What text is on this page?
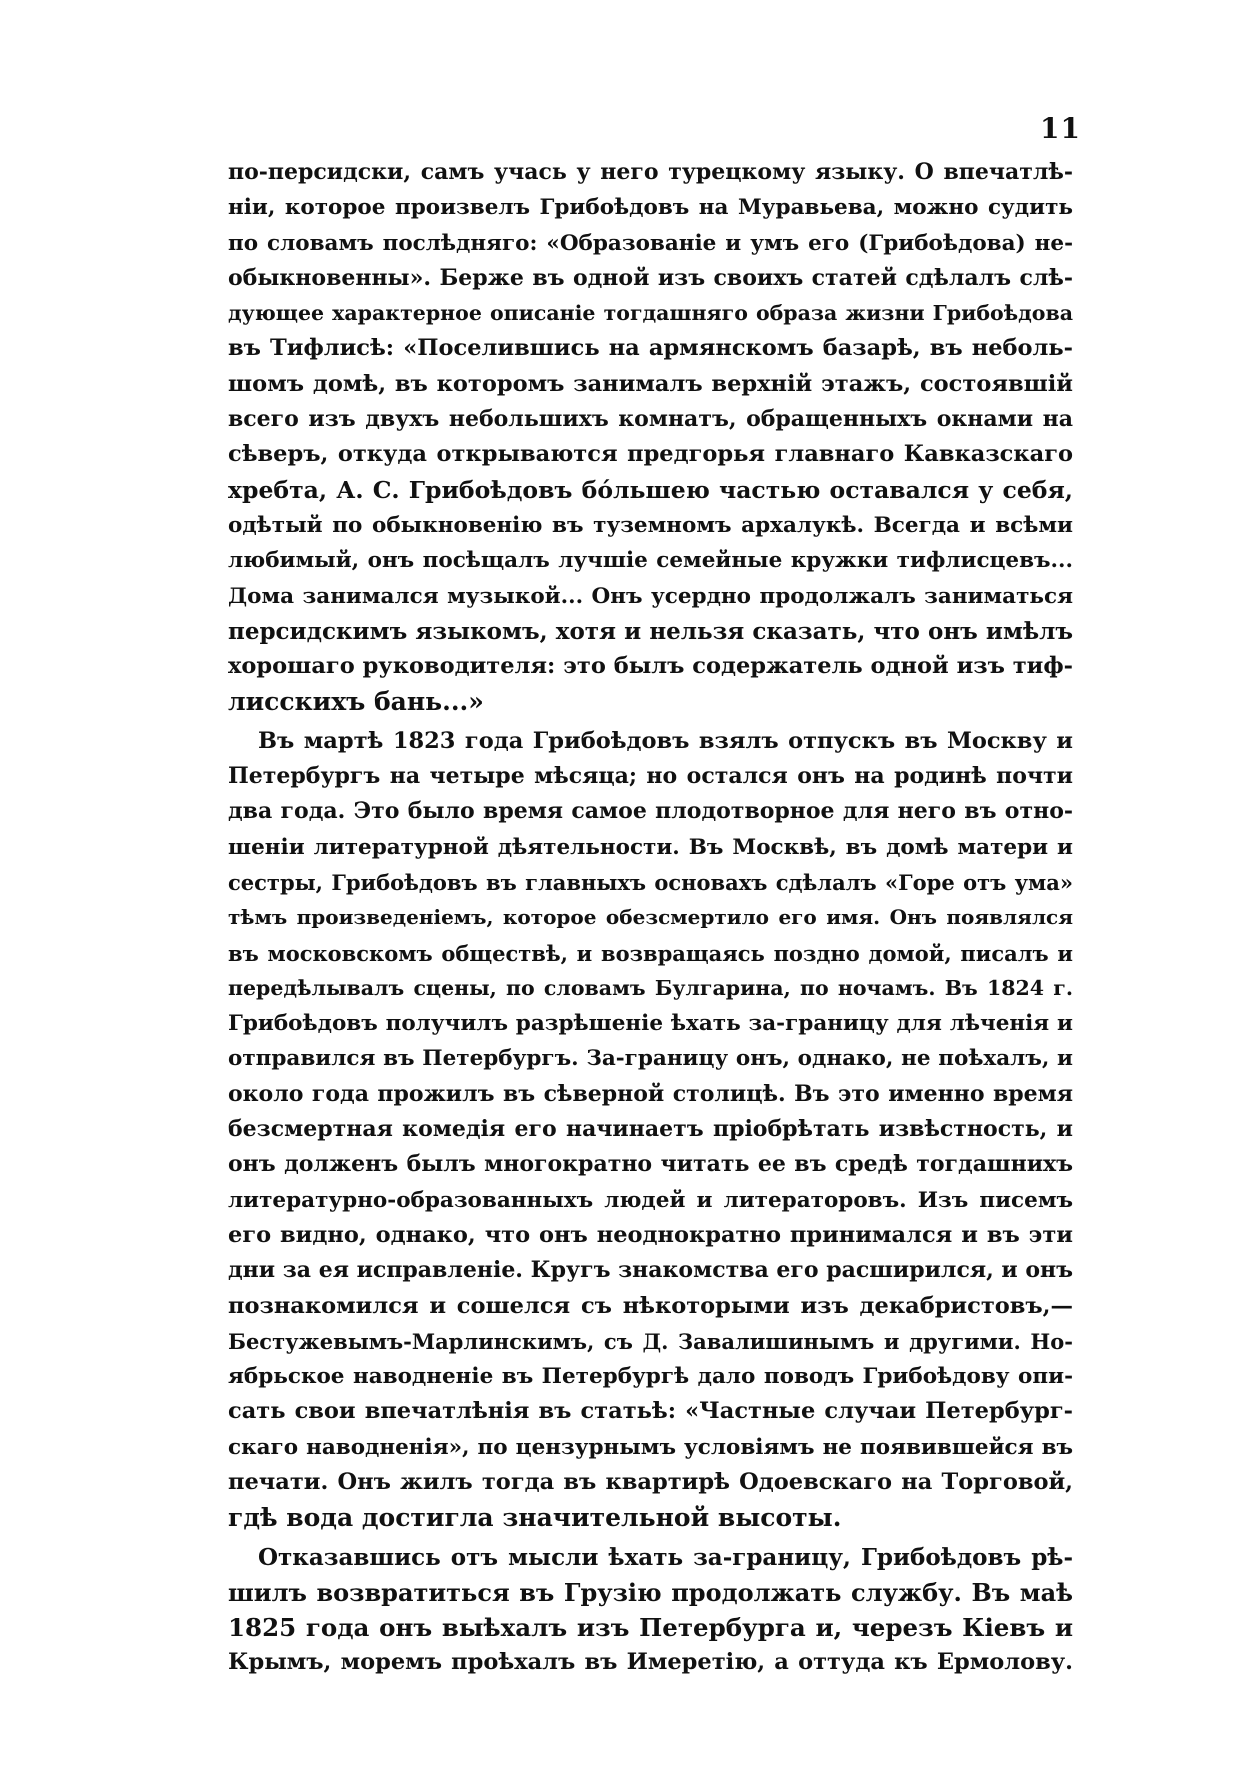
11
по-персидски, самъ учась у него турецкому языку. О впечатлѣ-
ніи, которое произвелъ Грибоѣдовъ на Муравьева, можно судить
по словамъ послѣдняго: «Образованіе и умъ его (Грибоѣдова) не-
обыкновенны». Берже въ одной изъ своихъ статей сдѣлалъ слѣ-
дующее характерное описаніе тогдашняго образа жизни Грибоѣдова
въ Тифлисѣ: «Поселившись на армянскомъ базарѣ, въ неболь-
шомъ домѣ, въ которомъ занималъ верхній этажъ, состоявшій
всего изъ двухъ небольшихъ комнатъ, обращенныхъ окнами на
сѣверъ, откуда открываются предгорья главнаго Кавказскаго
хребта, А. С. Грибоѣдовъ бóльшею частью оставался у себя,
одѣтый по обыкновенію въ туземномъ архалукѣ. Всегда и всѣми
любимый, онъ посѣщалъ лучшіе семейные кружки тифлисцевъ...
Дома занимался музыкой... Онъ усердно продолжалъ заниматься
персидскимъ языкомъ, хотя и нельзя сказать, что онъ имѣлъ
хорошаго руководителя: это былъ содержатель одной изъ тиф-
лисскихъ бань...»
Въ мартѣ 1823 года Грибоѣдовъ взялъ отпускъ въ Москву и
Петербургъ на четыре мѣсяца; но остался онъ на родинѣ почти
два года. Это было время самое плодотворное для него въ отно-
шеніи литературной дѣятельности. Въ Москвѣ, въ домѣ матери и
сестры, Грибоѣдовъ въ главныхъ основахъ сдѣлалъ «Горе отъ ума»
тѣмъ произведеніемъ, которое обезсмертило его имя. Онъ появлялся
въ московскомъ обществѣ, и возвращаясь поздно домой, писалъ и
передѣлывалъ сцены, по словамъ Булгарина, по ночамъ. Въ 1824 г.
Грибоѣдовъ получилъ разрѣшеніе ѣхать за-границу для лѣченія и
отправился въ Петербургъ. За-границу онъ, однако, не поѣхалъ, и
около года прожилъ въ сѣверной столицѣ. Въ это именно время
безсмертная комедія его начинаетъ пріобрѣтать извѣстность, и
онъ долженъ былъ многократно читать ее въ средѣ тогдашнихъ
литературно-образованныхъ людей и литераторовъ. Изъ писемъ
его видно, однако, что онъ неоднократно принимался и въ эти
дни за ея исправленіе. Кругъ знакомства его расширился, и онъ
познакомился и сошелся съ нѣкоторыми изъ декабристовъ,—
Бестужевымъ-Марлинскимъ, съ Д. Завалишинымъ и другими. Но-
ябрьское наводненіе въ Петербургѣ дало поводъ Грибоѣдову опи-
сать свои впечатлѣнія въ статьѣ: «Частные случаи Петербург-
скаго наводненія», по цензурнымъ условіямъ не появившейся въ
печати. Онъ жилъ тогда въ квартирѣ Одоевскаго на Торговой,
гдѣ вода достигла значительной высоты.
Отказавшись отъ мысли ѣхать за-границу, Грибоѣдовъ рѣ-
шилъ возвратиться въ Грузію продолжать службу. Въ маѣ
1825 года онъ выѣхалъ изъ Петербурга и, черезъ Кіевъ и
Крымъ, моремъ проѣхалъ въ Имеретію, а оттуда къ Ермолову.
